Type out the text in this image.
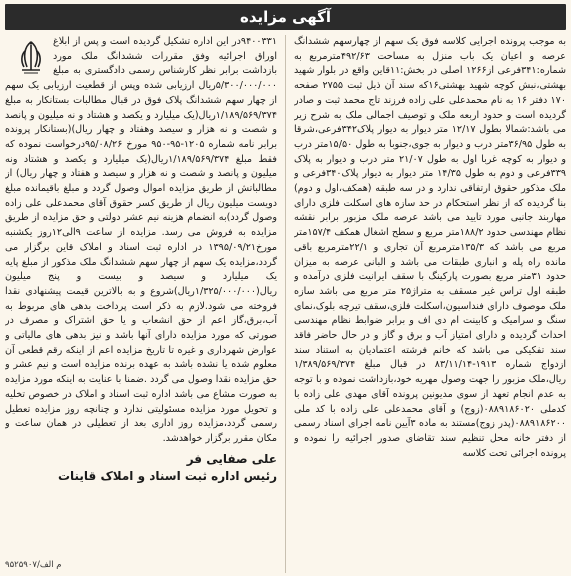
آگهی مزایده

به موجب پرونده اجرایی کلاسه فوق یک سهم از چهارسهم ششدانگ عرصه و اعیان یک باب منزل به مساحت ۴۹۲/۶۳مترمربع به شماره:۳۴۱فرعی از۱۲۶۶ اصلی در بخش:۱۱قاین واقع در بلوار شهید بهشتی،نبش کوچه شهید بهشتی۱۶که سند آن ذیل ثبت ۲۷۵۵ صفحه ۱۷۰ دفتر ۱۶ به نام محمدعلی علی زاده فرزند تاج محمد ثبت و صادر گردیده است و حدود اربعه ملک و توصیف اجمالی ملک به شرح زیر می باشد:شمالا بطول ۱۲/۱۷ متر دیوار به دیوار پلاک۳۴۲فرعی،شرقا به طول ۳۶/۹۵متر درب و دیوار به جوی،جنوبا به طول ۱۵/۵۰متر درب و دیوار به کوچه غربا اول به طول ۲۱/۰۷ متر درب و دیوار به پلاک ۳۳۹فرعی و دوم به طول ۱۴/۳۵ متر دیوار به دیوار پلاک۳۴۰فرعی و ملک مذکور حقوق ارتفاقی ندارد و در سه طبقه (همکف،اول و دوم) بنا گردیده که از نظر استحکام در حد سازه های اسکلت فلزی دارای مهاربند جانبی مورد تایید می باشد عرصه ملک مزبور برابر نقشه نظام مهندسی حدود ۱۸۸/۲متر مربع و سطح اشغال همکف ۱۵۷/۴متر مربع می باشد که ۱۳۵/۳مترمربع آن تجاری و ۲۲/۱مترمربع باقی مانده راه پله و انباری طبقات می باشد و البانی عرصه به میزان حدود ۳۱متر مربع بصورت پارکینگ با سقف ایرانیت فلزی درآمده و طبقه اول تراس غیر مسقف به متراژ۲۵ متر مربع می باشد سازه ملک موصوف دارای فنداسیون،اسکلت فلزی،سقف تیرچه بلوک،نمای سنگ و سرامیک و کابینت ام دی اف و برابر ضوابط نظام مهندسی احداث گردیده و دارای امتیاز آب و برق و گاز و در حال حاضر فاقد سند تفکیکی می باشد که خانم فرشته اعتمادیان به استناد سند ازدواج شماره ۱۹۱۳-۸۳/۱۱/۱۴ در قبال مبلغ ۱/۳۸۹/۵۶۹/۳۷۴ ریال،ملک مزبور را جهت وصول مهریه خود،بازداشت نموده و با توجه به عدم انجام تعهد از سوی مدیونین پرونده آقای مهدی علی زاده با کدملی ۰۸۸۹۱۸۶۰۲۰(زوج) و آقای محمدعلی علی زاده با کد ملی ۰۸۸۹۱۸۶۲۰۰(پدر زوج)مستند به ماده ۳آیین نامه اجرای اسناد رسمی از دفتر خانه محل تنظیم سند تقاضای صدور اجرائیه را نموده و پرونده اجرائی تحت کلاسه

۹۴۰۰۳۳۱در این اداره تشکیل گردیده است و پس از ابلاغ اوراق اجرائیه وفق مقررات ششدانگ ملک مورد بازداشت برابر نظر کارشناس رسمی دادگستری به مبلغ ۵/۳۰۰/۰۰۰/۰۰۰ریال ارزیابی شده وپس از قطعیت ارزیابی یک سهم از چهار سهم ششدانگ پلاک فوق در قبال مطالبات بستانکار به مبلغ ۱/۱۸۹/۵۶۹/۳۷۴ریال(یک میلیارد و یکصد و هشتاد و نه میلیون و پانصد و شصت و نه هزار و سیصد وهفتاد و چهار ریال)(بستانکار پرونده برابر نامه شماره ۱۲۰۵-۹۵-۹۵۰ مورخ ۹۵/۰۸/۲۶درخواست نموده که فقط مبلغ ۱/۱۸۹/۵۶۹/۳۷۴ریال(یک میلیارد و یکصد و هشتاد ونه میلیون و پانصد و شصت و نه هزار و سیصد و هفتاد و چهار ریال) از مطالباتش از طریق مزایده اموال وصول گردد و مبلغ باقیمانده مبلغ دویست میلیون ریال از طریق کسر حقوق آقای محمدعلی علی زاده وصول گردد)به انضمام هزینه نیم عشر دولتی و حق مزایده از طریق مزایده به فروش می رسد. مزایده از ساعت ۹الی۱۲روز یکشنبه مورخ۱۳۹۵/۰۹/۲۱ در اداره ثبت اسناد و املاک قاین برگزار می گردد،مزایده یک سهم از چهار سهم ششدانگ ملک مذکور از مبلغ پایه یک میلیارد و سیصد و بیست و پنج میلیون ریال(۱/۳۲۵/۰۰۰/۰۰۰ریال)شروع و به بالاترین قیمت پیشنهادی نقدا فروخته می شود.لازم به ذکر است پرداخت بدهی های مربوط به آب،برق،گاز اعم از حق انشعاب و یا حق اشتراک و مصرف در صورتی که مورد مزایده دارای آنها باشد و نیز بدهی های مالیاتی و عوارض شهرداری و غیره تا تاریخ مزایده اعم از اینکه رقم قطعی آن معلوم شده یا نشده باشد به عهده برنده مزایده است و نیم عشر و حق مزایده نقدا وصول می گردد .ضمنا با عنایت به اینکه مورد مزایده به صورت مشاع می باشد اداره ثبت اسناد و املاک در خصوص تخلیه و تحویل مورد مزایده مسئولیتی ندارد و چنانچه روز مزایده تعطیل رسمی گردد،مزایده روز اداری بعد از تعطیلی در همان ساعت و مکان مقرر برگزار خواهدشد.

علی صفایی فر
رئیس اداره ثبت اسناد و املاک قاینات
م الف/۹۵۲۵۹۰۷
